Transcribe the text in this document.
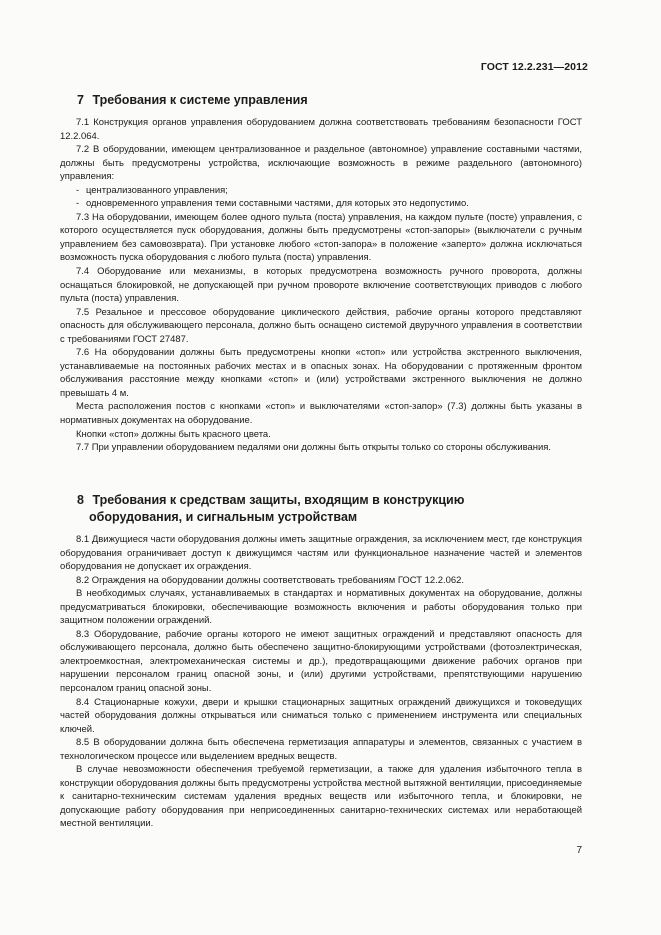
ГОСТ 12.2.231—2012
7 Требования к системе управления

7.1 Конструкция органов управления оборудованием должна соответствовать требованиям безопасности ГОСТ 12.2.064.

7.2 В оборудовании, имеющем централизованное и раздельное (автономное) управление составными частями, должны быть предусмотрены устройства, исключающие возможность в режиме раздельного (автономного) управления:

- централизованного управления;

- одновременного управления теми составными частями, для которых это недопустимо.

7.3 На оборудовании, имеющем более одного пульта (поста) управления, на каждом пульте (посте) управления, с которого осуществляется пуск оборудования, должны быть предусмотрены «стоп-запоры» (выключатели с ручным управлением без самовозврата). При установке любого «стоп-запора» в положение «заперто» должна исключаться возможность пуска оборудования с любого пульта (поста) управления.

7.4 Оборудование или механизмы, в которых предусмотрена возможность ручного проворота, должны оснащаться блокировкой, не допускающей при ручном провороте включение соответствующих приводов с любого пульта (поста) управления.

7.5 Резальное и прессовое оборудование циклического действия, рабочие органы которого представляют опасность для обслуживающего персонала, должно быть оснащено системой двуручного управления в соответствии с требованиями ГОСТ 27487.

7.6 На оборудовании должны быть предусмотрены кнопки «стоп» или устройства экстренного выключения, устанавливаемые на постоянных рабочих местах и в опасных зонах. На оборудовании с протяженным фронтом обслуживания расстояние между кнопками «стоп» и (или) устройствами экстренного выключения не должно превышать 4 м.

Места расположения постов с кнопками «стоп» и выключателями «стоп-запор» (7.3) должны быть указаны в нормативных документах на оборудование.

Кнопки «стоп» должны быть красного цвета.

7.7 При управлении оборудованием педалями они должны быть открыты только со стороны обслуживания.

8 Требования к средствам защиты, входящим в конструкцию
оборудования, и сигнальным устройствам

8.1 Движущиеся части оборудования должны иметь защитные ограждения, за исключением мест, где конструкция оборудования ограничивает доступ к движущимся частям или функциональное назначение частей и элементов оборудования не допускает их ограждения.

8.2 Ограждения на оборудовании должны соответствовать требованиям ГОСТ 12.2.062.

В необходимых случаях, устанавливаемых в стандартах и нормативных документах на оборудование, должны предусматриваться блокировки, обеспечивающие возможность включения и работы оборудования только при защитном положении ограждений.

8.3 Оборудование, рабочие органы которого не имеют защитных ограждений и представляют опасность для обслуживающего персонала, должно быть обеспечено защитно-блокирующими устройствами (фотоэлектрическая, электроемкостная, электромеханическая системы и др.), предотвращающими движение рабочих органов при нарушении персоналом границ опасной зоны, и (или) другими устройствами, препятствующими нарушению персоналом границ опасной зоны.

8.4 Стационарные кожухи, двери и крышки стационарных защитных ограждений движущихся и токоведущих частей оборудования должны открываться или сниматься только с применением инструмента или специальных ключей.

8.5 В оборудовании должна быть обеспечена герметизация аппаратуры и элементов, связанных с участием в технологическом процессе или выделением вредных веществ.

В случае невозможности обеспечения требуемой герметизации, а также для удаления избыточного тепла в конструкции оборудования должны быть предусмотрены устройства местной вытяжной вентиляции, присоединяемые к санитарно-техническим системам удаления вредных веществ или избыточного тепла, и блокировки, не допускающие работу оборудования при неприсоединенных санитарно-технических системах или неработающей местной вентиляции.

7
